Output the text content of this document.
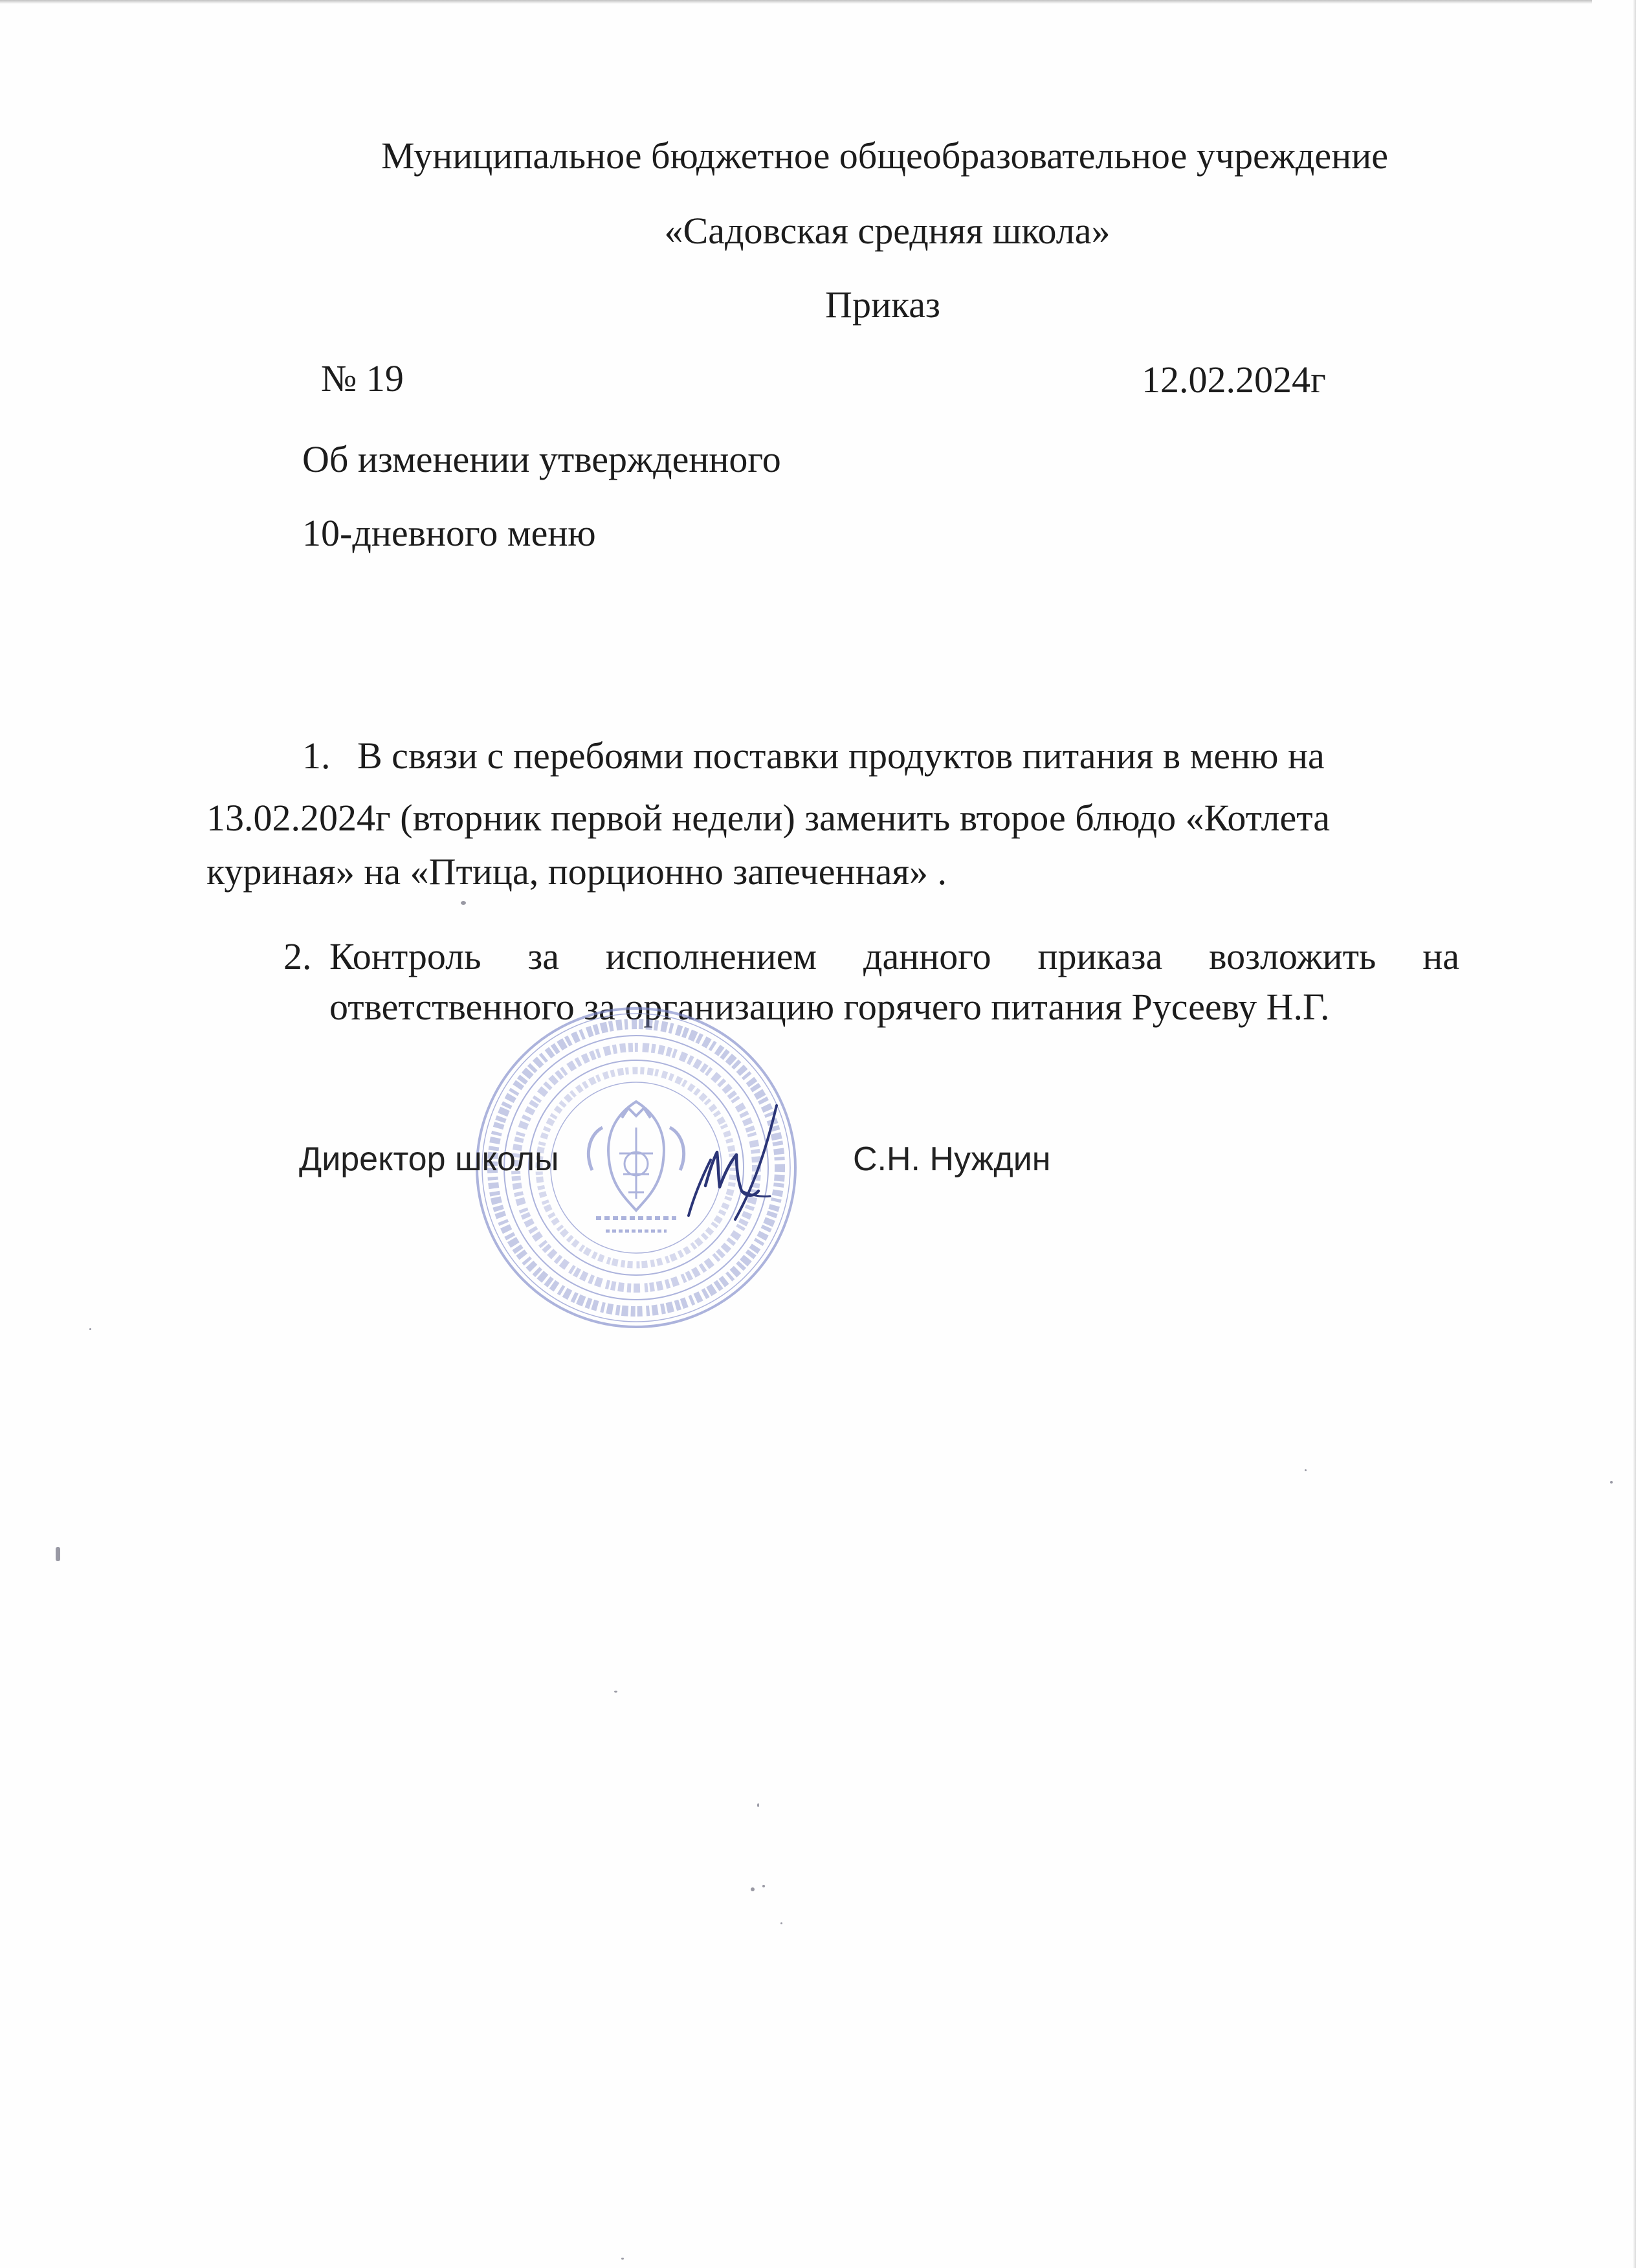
Муниципальное бюджетное общеобразовательное учреждение
«Садовская средняя школа»
Приказ
№ 19	12.02.2024г
Об изменении утвержденного
10-дневного меню
1. В связи с перебоями поставки продуктов питания в меню на
13.02.2024г (вторник первой недели) заменить второе блюдо «Котлета
куриная» на «Птица, порционно запеченная» .
2. Контроль за исполнением данного приказа возложить на
ответственного за организацию горячего питания Русееву Н.Г.
Директор школы	С.Н. Нуждин
